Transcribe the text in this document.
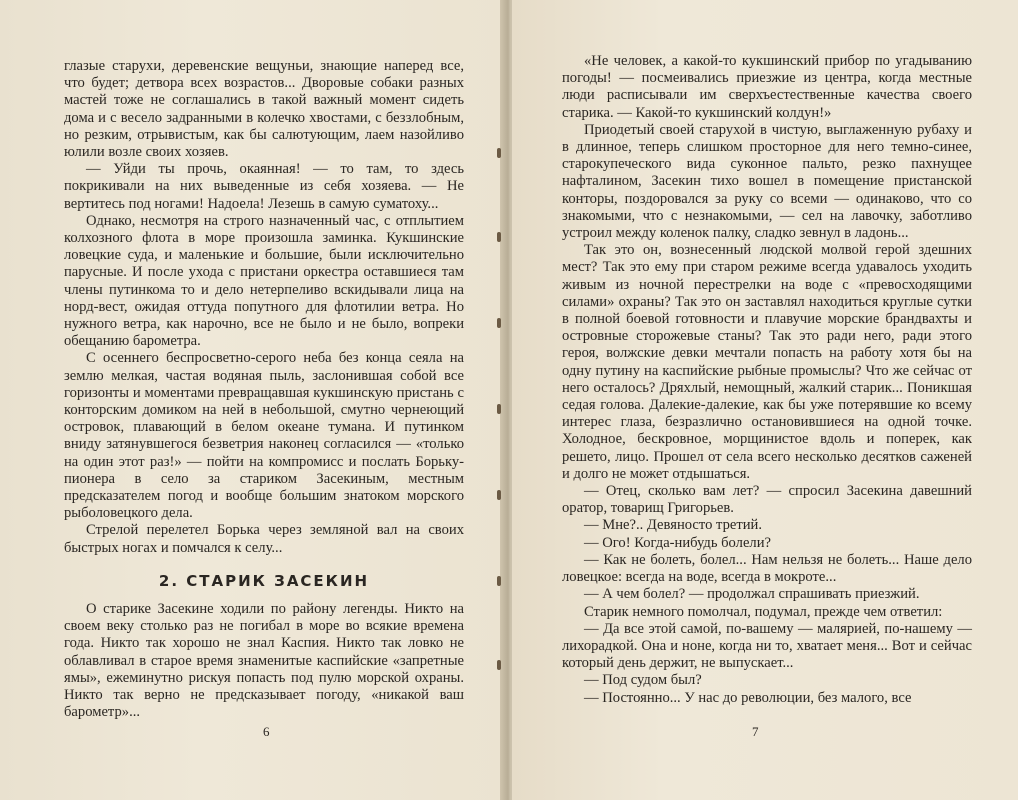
глазые старухи, деревенские вещуньи, знающие наперед все, что будет; детвора всех возрастов... Дворовые собаки разных мастей тоже не соглашались в такой важный момент сидеть дома и с весело задранными в колечко хвостами, с беззлобным, но резким, отрывистым, как бы салютующим, лаем назойливо юлили возле своих хозяев.

— Уйди ты прочь, окаянная! — то там, то здесь покрикивали на них выведенные из себя хозяева. — Не вертитесь под ногами! Надоела! Лезешь в самую суматоху...

Однако, несмотря на строго назначенный час, с отплытием колхозного флота в море произошла заминка. Кукшинские ловецкие суда, и маленькие и большие, были исключительно парусные. И после ухода с пристани оркестра оставшиеся там члены путинкома то и дело нетерпеливо вскидывали лица на норд-вест, ожидая оттуда попутного для флотилии ветра. Но нужного ветра, как нарочно, все не было и не было, вопреки обещанию барометра.

С осеннего беспросветно-серого неба без конца сеяла на землю мелкая, частая водяная пыль, заслонившая собой все горизонты и моментами превращавшая кукшинскую пристань с конторским домиком на ней в небольшой, смутно чернеющий островок, плавающий в белом океане тумана. И путинком вниду затянувшегося безветрия наконец согласился — «только на один этот раз!» — пойти на компромисс и послать Борьку-пионера в село за стариком Засекиным, местным предсказателем погод и вообще большим знатоком морского рыболовецкого дела.

Стрелой перелетел Борька через земляной вал на своих быстрых ногах и помчался к селу...

2. СТАРИК ЗАСЕКИН

О старике Засекине ходили по району легенды. Никто на своем веку столько раз не погибал в море во всякие времена года. Никто так хорошо не знал Каспия. Никто так ловко не облавливал в старое время знаменитые каспийские «запретные ямы», ежеминутно рискуя попасть под пулю морской охраны. Никто так верно не предсказывает погоду, «никакой ваш барометр»...

6

«Не человек, а какой-то кукшинский прибор по угадыванию погоды! — посмеивались приезжие из центра, когда местные люди расписывали им сверхъестественные качества своего старика. — Какой-то кукшинский колдун!»

Приодетый своей старухой в чистую, выглаженную рубаху и в длинное, теперь слишком просторное для него темно-синее, старокупеческого вида суконное пальто, резко пахнущее нафталином, Засекин тихо вошел в помещение пристанской конторы, поздоровался за руку со всеми — одинаково, что со знакомыми, что с незнакомыми, — сел на лавочку, заботливо устроил между коленок палку, сладко зевнул в ладонь...

Так это он, вознесенный людской молвой герой здешних мест? Так это ему при старом режиме всегда удавалось уходить живым из ночной перестрелки на воде с «превосходящими силами» охраны? Так это он заставлял находиться круглые сутки в полной боевой готовности и плавучие морские брандвахты и островные сторожевые станы? Так это ради него, ради этого героя, волжские девки мечтали попасть на работу хотя бы на одну путину на каспийские рыбные промыслы? Что же сейчас от него осталось? Дряхлый, немощный, жалкий старик... Поникшая седая голова. Далекие-далекие, как бы уже потерявшие ко всему интерес глаза, безразлично остановившиеся на одной точке. Холодное, бескровное, морщинистое вдоль и поперек, как решето, лицо. Прошел от села всего несколько десятков саженей и долго не может отдышаться.

— Отец, сколько вам лет? — спросил Засекина давешний оратор, товарищ Григорьев.

— Мне?.. Девяносто третий.

— Ого! Когда-нибудь болели?

— Как не болеть, болел... Нам нельзя не болеть... Наше дело ловецкое: всегда на воде, всегда в мокроте...

— А чем болел? — продолжал спрашивать приезжий.

Старик немного помолчал, подумал, прежде чем ответил:

— Да все этой самой, по-вашему — малярией, по-нашему — лихорадкой. Она и ноне, когда ни то, хватает меня... Вот и сейчас который день держит, не выпускает...

— Под судом был?

— Постоянно... У нас до революции, без малого, все

7
